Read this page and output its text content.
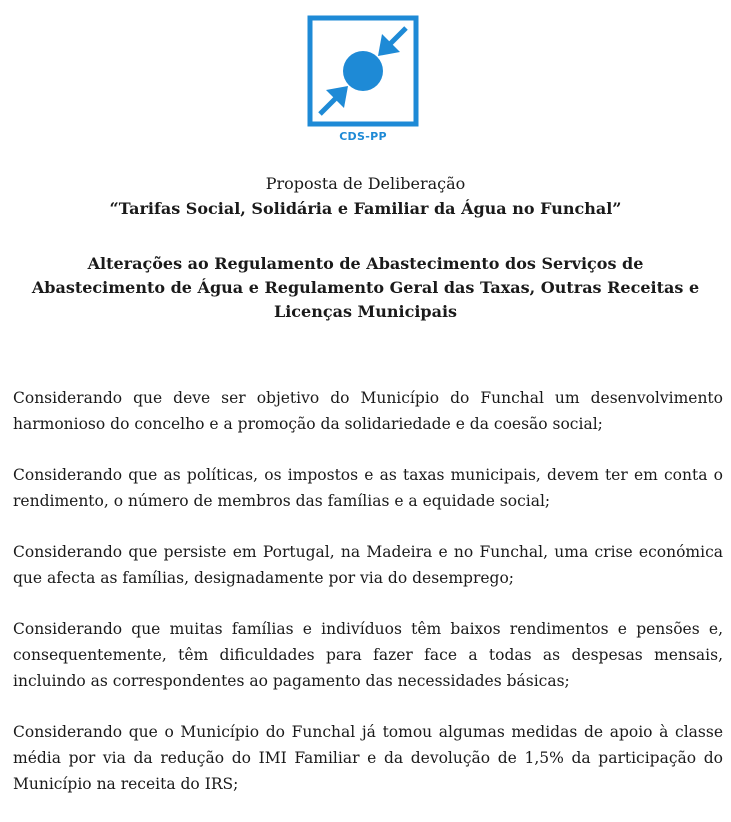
CDS-PP
Proposta de Deliberação
“Tarifas Social, Solidária e Familiar da Água no Funchal”
Alterações ao Regulamento de Abastecimento dos Serviços de Abastecimento de Água e Regulamento Geral das Taxas, Outras Receitas e Licenças Municipais

Considerando que deve ser objetivo do Município do Funchal um desenvolvimento harmonioso do concelho e a promoção da solidariedade e da coesão social;

Considerando que as políticas, os impostos e as taxas municipais, devem ter em conta o rendimento, o número de membros das famílias e a equidade social;

Considerando que persiste em Portugal, na Madeira e no Funchal, uma crise económica que afecta as famílias, designadamente por via do desemprego;

Considerando que muitas famílias e indivíduos têm baixos rendimentos e pensões e, consequentemente, têm dificuldades para fazer face a todas as despesas mensais, incluindo as correspondentes ao pagamento das necessidades básicas;

Considerando que o Município do Funchal já tomou algumas medidas de apoio à classe média por via da redução do IMI Familiar e da devolução de 1,5% da participação do Município na receita do IRS;
